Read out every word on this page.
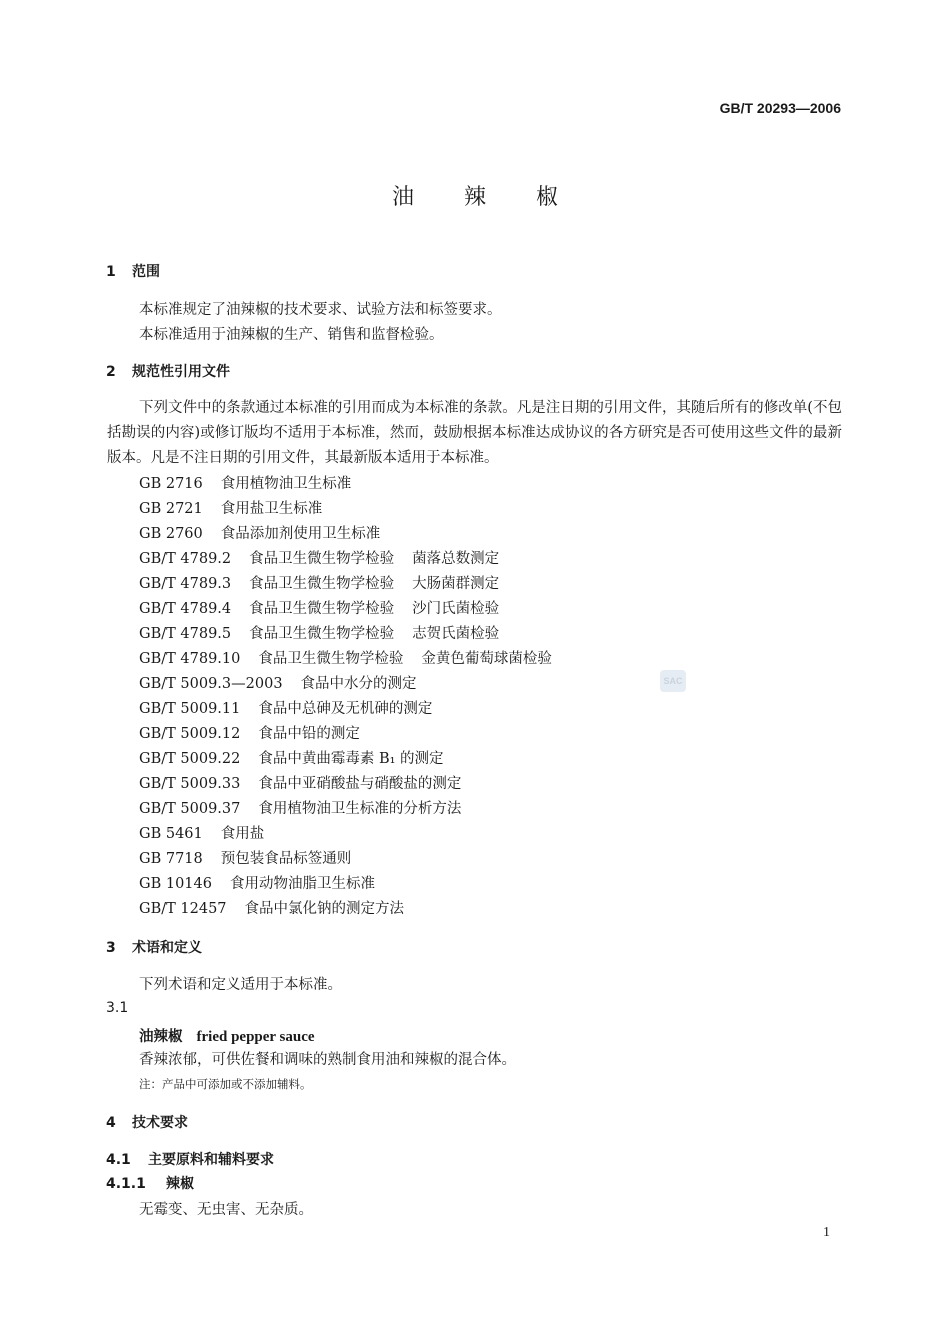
GB/T 20293—2006
油辣椒
1 范围
本标准规定了油辣椒的技术要求、试验方法和标签要求。
本标准适用于油辣椒的生产、销售和监督检验。
2 规范性引用文件
下列文件中的条款通过本标准的引用而成为本标准的条款。凡是注日期的引用文件，其随后所有的修改单(不包括勘误的内容)或修订版均不适用于本标准，然而，鼓励根据本标准达成协议的各方研究是否可使用这些文件的最新版本。凡是不注日期的引用文件，其最新版本适用于本标准。
GB 2716 食用植物油卫生标准
GB 2721 食用盐卫生标准
GB 2760 食品添加剂使用卫生标准
GB/T 4789.2 食品卫生微生物学检验 菌落总数测定
GB/T 4789.3 食品卫生微生物学检验 大肠菌群测定
GB/T 4789.4 食品卫生微生物学检验 沙门氏菌检验
GB/T 4789.5 食品卫生微生物学检验 志贺氏菌检验
GB/T 4789.10 食品卫生微生物学检验 金黄色葡萄球菌检验
GB/T 5009.3—2003 食品中水分的测定
GB/T 5009.11 食品中总砷及无机砷的测定
GB/T 5009.12 食品中铅的测定
GB/T 5009.22 食品中黄曲霉毒素 B₁ 的测定
GB/T 5009.33 食品中亚硝酸盐与硝酸盐的测定
GB/T 5009.37 食用植物油卫生标准的分析方法
GB 5461 食用盐
GB 7718 预包装食品标签通则
GB 10146 食用动物油脂卫生标准
GB/T 12457 食品中氯化钠的测定方法
SAC
3 术语和定义
下列术语和定义适用于本标准。
3.1
油辣椒 fried pepper sauce
香辣浓郁，可供佐餐和调味的熟制食用油和辣椒的混合体。
注：产品中可添加或不添加辅料。
4 技术要求
4.1 主要原料和辅料要求
4.1.1 辣椒
无霉变、无虫害、无杂质。
1
